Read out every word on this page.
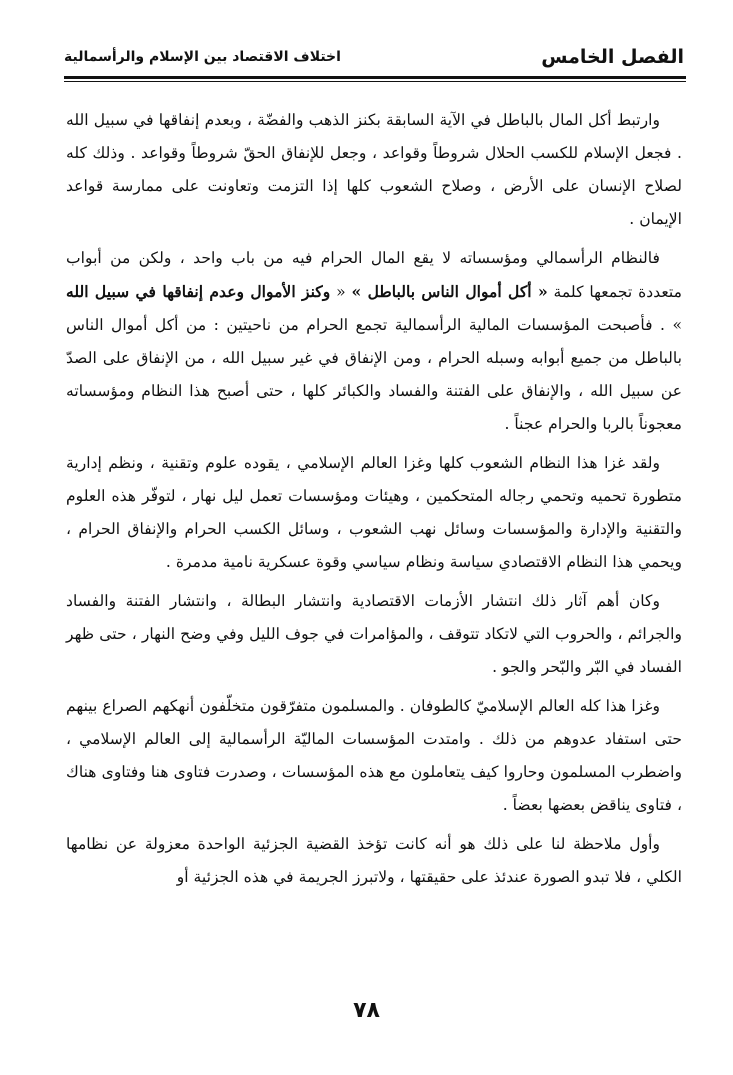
الفصل الخامس
اختلاف الاقتصاد بين الإسلام والرأسمالية

وارتبط أكل المال بالباطل في الآية السابقة بكنز الذهب والفضّة ، وبعدم إنفاقها في سبيل الله . فجعل الإسلام للكسب الحلال شروطاً وقواعد ، وجعل للإنفاق الحقّ شروطاً وقواعد . وذلك كله لصلاح الإنسان على الأرض ، وصلاح الشعوب كلها إذا التزمت وتعاونت على ممارسة قواعد الإيمان .

فالنظام الرأسمالي ومؤسساته لا يقع المال الحرام فيه من باب واحد ، ولكن من أبواب متعددة تجمعها كلمة « أكل أموال الناس بالباطل » « وكنز الأموال وعدم إنفاقها في سبيل الله » . فأصبحت المؤسسات المالية الرأسمالية تجمع الحرام من ناحيتين : من أكل أموال الناس بالباطل من جميع أبوابه وسبله الحرام ، ومن الإنفاق في غير سبيل الله ، من الإنفاق على الصدّ عن سبيل الله ، والإنفاق على الفتنة والفساد والكبائر كلها ، حتى أصبح هذا النظام ومؤسساته معجوناً بالربا والحرام عجناً .

ولقد غزا هذا النظام الشعوب كلها وغزا العالم الإسلامي ، يقوده علوم وتقنية ، ونظم إدارية متطورة تحميه وتحمي رجاله المتحكمين ، وهيئات ومؤسسات تعمل ليل نهار ، لتوفّر هذه العلوم والتقنية والإدارة والمؤسسات وسائل نهب الشعوب ، وسائل الكسب الحرام والإنفاق الحرام ، ويحمي هذا النظام الاقتصادي سياسة ونظام سياسي وقوة عسكرية نامية مدمرة .

وكان أهم آثار ذلك انتشار الأزمات الاقتصادية وانتشار البطالة ، وانتشار الفتنة والفساد والجرائم ، والحروب التي لاتكاد تتوقف ، والمؤامرات في جوف الليل وفي وضح النهار ، حتى ظهر الفساد في البّر والبّحر والجو .

وغزا هذا كله العالم الإسلاميّ كالطوفان . والمسلمون متفرّقون متخلّفون أنهكهم الصراع بينهم حتى استفاد عدوهم من ذلك . وامتدت المؤسسات الماليّة الرأسمالية إلى العالم الإسلامي ، واضطرب المسلمون وحاروا كيف يتعاملون مع هذه المؤسسات ، وصدرت فتاوى هنا وفتاوى هناك ، فتاوى يناقض بعضها بعضاً .

وأول ملاحظة لنا على ذلك هو أنه كانت تؤخذ القضية الجزئية الواحدة معزولة عن نظامها الكلي ، فلا تبدو الصورة عندئذ على حقيقتها ، ولاتبرز الجريمة في هذه الجزئية أو

٧٨
